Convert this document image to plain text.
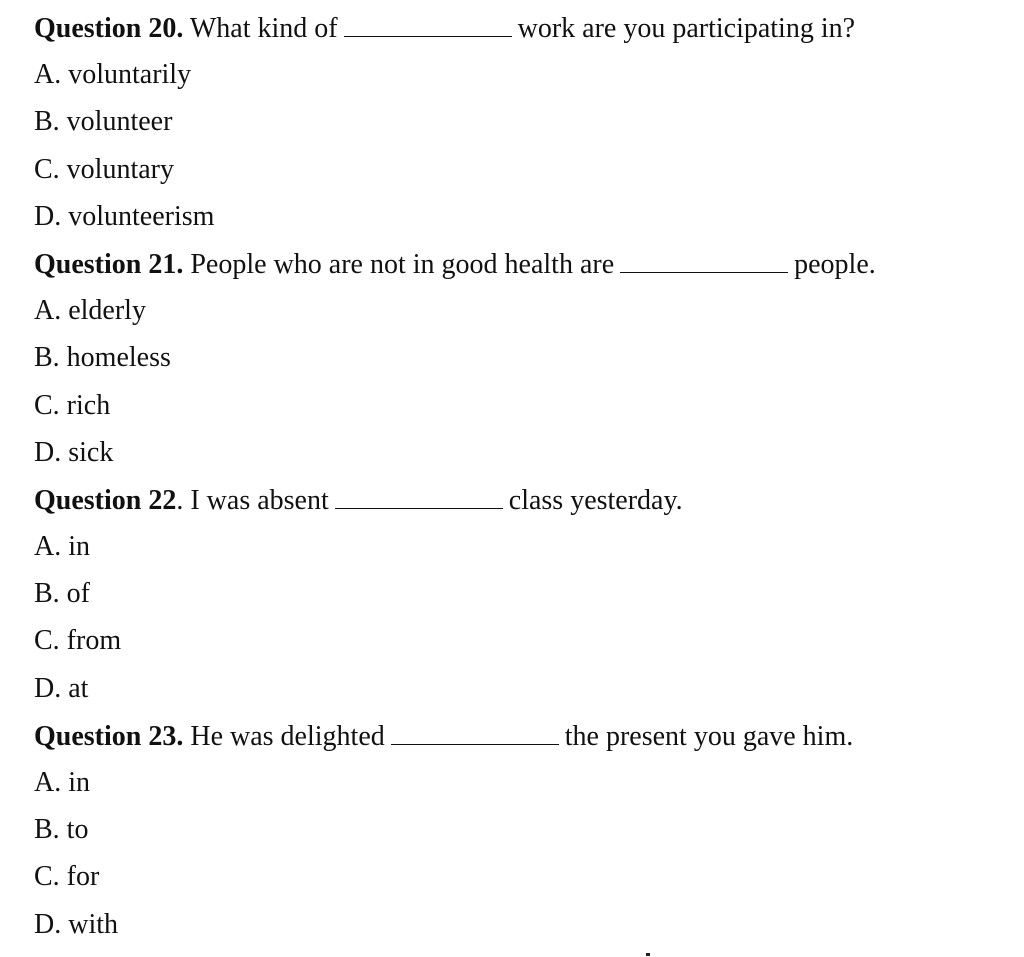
Question 20. What kind of	work are you participating in?
A. voluntarily
B. volunteer
C. voluntary
D. volunteerism
Question 21. People who are not in good health are	people.
A. elderly
B. homeless
C. rich
D. sick
Question 22. I was absent	class yesterday.
A. in
B. of
C. from
D. at
Question 23. He was delighted	the present you gave him.
A. in
B. to
C. for
D. with
